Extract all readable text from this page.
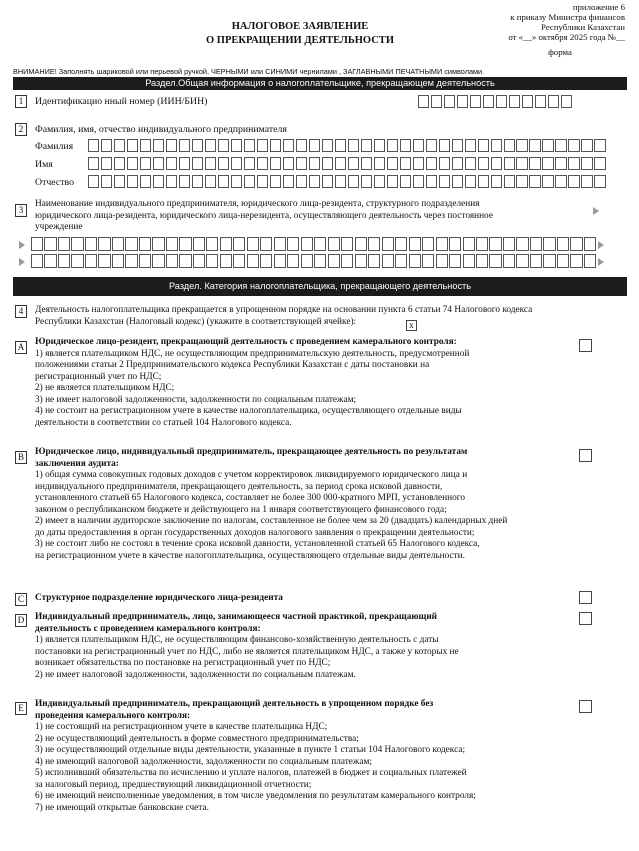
приложение 6
к приказу Министра финансов
Республики Казахстан
от «__» октября 2025 года №__
форма
НАЛОГОВОЕ ЗАЯВЛЕНИЕ
О ПРЕКРАЩЕНИИ ДЕЯТЕЛЬНОСТИ
ВНИМАНИЕ! Заполнять шариковой или перьевой ручкой, ЧЕРНЫМИ или СИНИМИ чернилами , ЗАГЛАВНЫМИ ПЕЧАТНЫМИ символами.
Раздел.Общая информация о налогоплательщике, прекращающем деятельность
1	Идентификацио нный номер (ИИН/БИН)
2	Фамилия, имя, отчество индивидуального предпринимателя
Фамилия
Имя
Отчество
3
Наименование индивидуального предпринимателя, юридического лица-резидента, структурного подразделения
юридического лица-резидента, юридического лица-нерезидента, осуществляющего деятельность через постоянное
учреждение
Раздел. Категория налогоплательщика, прекращающего деятельность
4	Деятельность налогоплательщика прекращается в упрощенном порядке на основании пункта 6 статьи 74 Налогового кодекса
Республики Казахстан (Налоговый кодекс) (укажите в соответствующей ячейке):	x
A Юридическое лицо-резидент, прекращающий деятельность с проведением камерального контроля:
1) является плательщиком НДС, не осуществляющим предпринимательскую деятельность, предусмотренной
положениями статьи 2 Предпринимательского кодекса Республики Казахстан с даты постановки на
регистрационный учет по НДС;
2) не является плательщиком НДС;
3) не имеет налоговой задолженности, задолженности по социальным платежам;
4) не состоит на регистрационном учете в качестве налогоплательщика, осуществляющего отдельные виды
деятельности в соответствии со статьей 104 Налогового кодекса.
B	Юридическое лицо, индивидуальный предприниматель, прекращающее деятельность по результатам
заключения аудита:
1) общая сумма совокупных годовых доходов с учетом корректировок ликвидируемого юридического лица и
индивидуального предпринимателя, прекращающего деятельность, за период срока исковой давности,
установленного статьей 65 Налогового кодекса, составляет не более 300 000-кратного МРП, установленного
законом о республиканском бюджете и действующего на 1 января соответствующего финансового года;
2) имеет в наличии аудиторское заключение по налогам, составленное не более чем за 20 (двадцать) календарных дней
до даты предоставления в орган государственных доходов налогового заявления о прекращении деятельности;
3) не состоит либо не состоял в течение срока исковой давности, установленной статьей 65 Налогового кодекса,
на регистрационном учете в качестве налогоплательщика, осуществляющего отдельные виды деятельности.
C	Структурное подразделение юридического лица-резидента
D Индивидуальный предприниматель, лицо, занимающееся частной практикой, прекращающий
деятельность с проведением камерального контроля:
1) является плательщиком НДС, не осуществляющим финансово-хозяйственную деятельность с даты
постановки на регистрационный учет по НДС, либо не является плательщиком НДС, а также у которых не
возникает обязательства по постановке на регистрационный учет по НДС;
2) не имеет налоговой задолженности, задолженности по социальным платежам.
E	Индивидуальный предприниматель, прекращающий деятельность в упрощенном порядке без
проведения камерального контроля:
1) не состоящий на регистрационном учете в качестве плательщика НДС;
2) не осуществляющий деятельность в форме совместного предпринимательства;
3) не осуществляющий отдельные виды деятельности, указанные в пункте 1 статьи 104 Налогового кодекса;
4) не имеющий налоговой задолженности, задолженности по социальным платежам;
5) исполнивший обязательства по исчислению и уплате налогов, платежей в бюджет и социальных платежей
за налоговый период, предшествующий ликвидационной отчетности;
6) не имеющий неисполненные уведомления, в том числе уведомления по результатам камерального контроля;
7) не имеющий открытые банковские счета.
